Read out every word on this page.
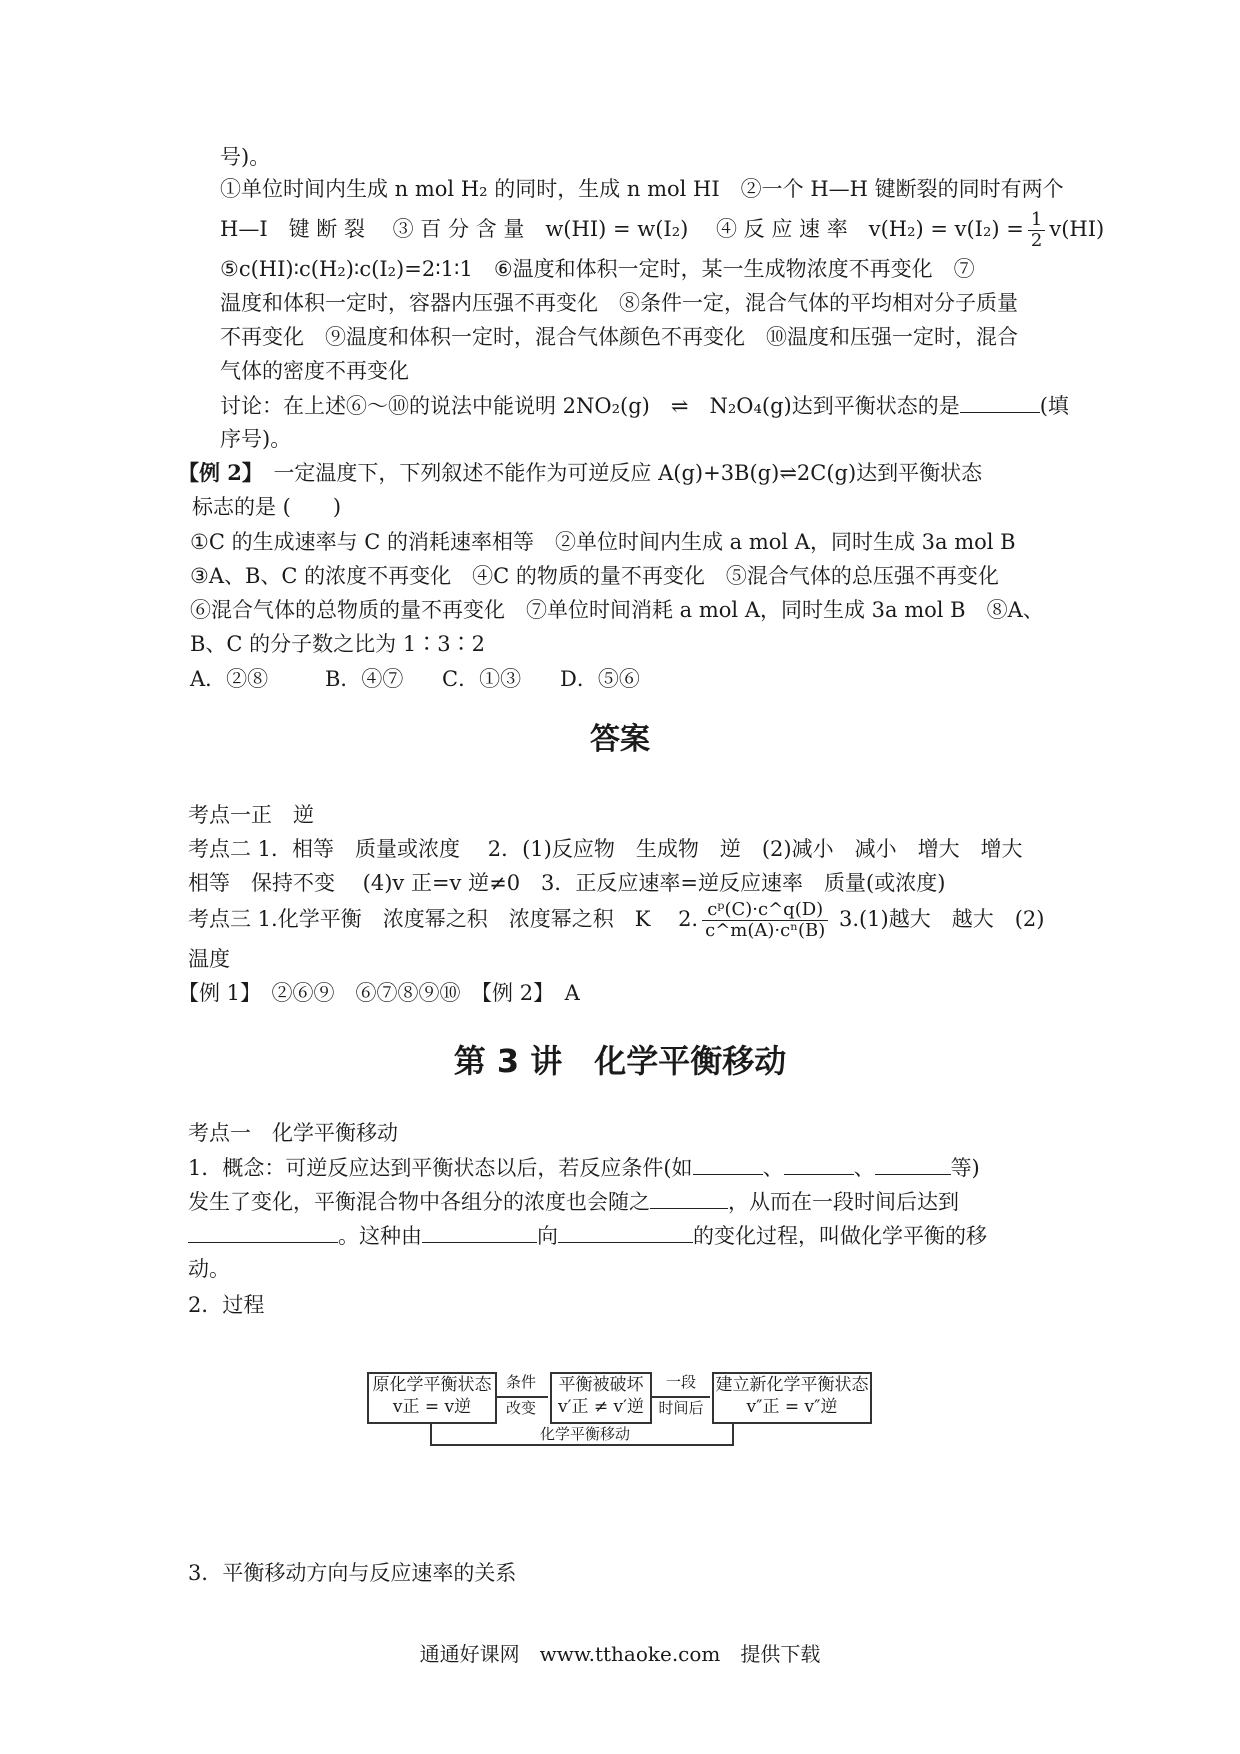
号)。
①单位时间内生成 n mol H₂ 的同时，生成 n mol HI　②一个 H—H 键断裂的同时有两个
H—I　键 断 裂　 ③ 百 分 含 量　w(HI) = w(I₂)　 ④ 反 应 速 率　$v(H_2) = v(I_2) = \frac{1}{2} v(HI)$
⑤c(HI)∶c(H₂)∶c(I₂)=2∶1∶1　⑥温度和体积一定时，某一生成物浓度不再变化　⑦
温度和体积一定时，容器内压强不再变化　⑧条件一定，混合气体的平均相对分子质量
不再变化　⑨温度和体积一定时，混合气体颜色不再变化　⑩温度和压强一定时，混合
气体的密度不再变化
讨论：在上述⑥～⑩的说法中能说明 2NO₂(g)　⇌　N₂O₄(g)达到平衡状态的是	(填
序号)。
【例 2】　 一定温度下，下列叙述不能作为可逆反应 A(g)+3B(g)⇌2C(g)达到平衡状态
标志的是 (　　)
①C 的生成速率与 C 的消耗速率相等　②单位时间内生成 a mol A，同时生成 3a mol B
③A、B、C 的浓度不再变化　④C 的物质的量不再变化　⑤混合气体的总压强不再变化
⑥混合气体的总物质的量不再变化　⑦单位时间消耗 a mol A，同时生成 3a mol B　⑧A、
B、C 的分子数之比为 1∶3∶2
A．②⑧	B．④⑦ C．①③ D．⑤⑥
答案
考点一正　逆
考点二 1．相等　质量或浓度　 2．(1)反应物　生成物　逆　(2)减小　减小　增大　增大
相等　保持不变　 (4)v 正=v 逆≠0　3．正反应速率=逆反应速率　质量(或浓度)
考点三 1.化学平衡　浓度幂之积　浓度幂之积　K　 2. $\frac{\text{cᵖ(C)·c\textasciicircum{}q(D)}}{\text{c\textasciicircum{}m(A)·cⁿ(B)}} 3.(1)$越大　越大　(2)
温度
【例 1】　②⑥⑨　⑥⑦⑧⑨⑩　【例 2】　A
第 3 讲　化学平衡移动
考点一　化学平衡移动
1．概念：可逆反应达到平衡状态以后，若反应条件(如	、	、	等)
发生了变化，平衡混合物中各组分的浓度也会随之	，从而在一段时间后达到
。这种由	向	的变化过程，叫做化学平衡的移
动。
2．过程
原化学平衡状态
v正 = v逆
条件
改变
平衡被破坏
v′正 ≠ v′逆
一段
时间后
建立新化学平衡状态
v″正 = v″逆
化学平衡移动
3．平衡移动方向与反应速率的关系
通通好课网　www.tthaoke.com　提供下载
